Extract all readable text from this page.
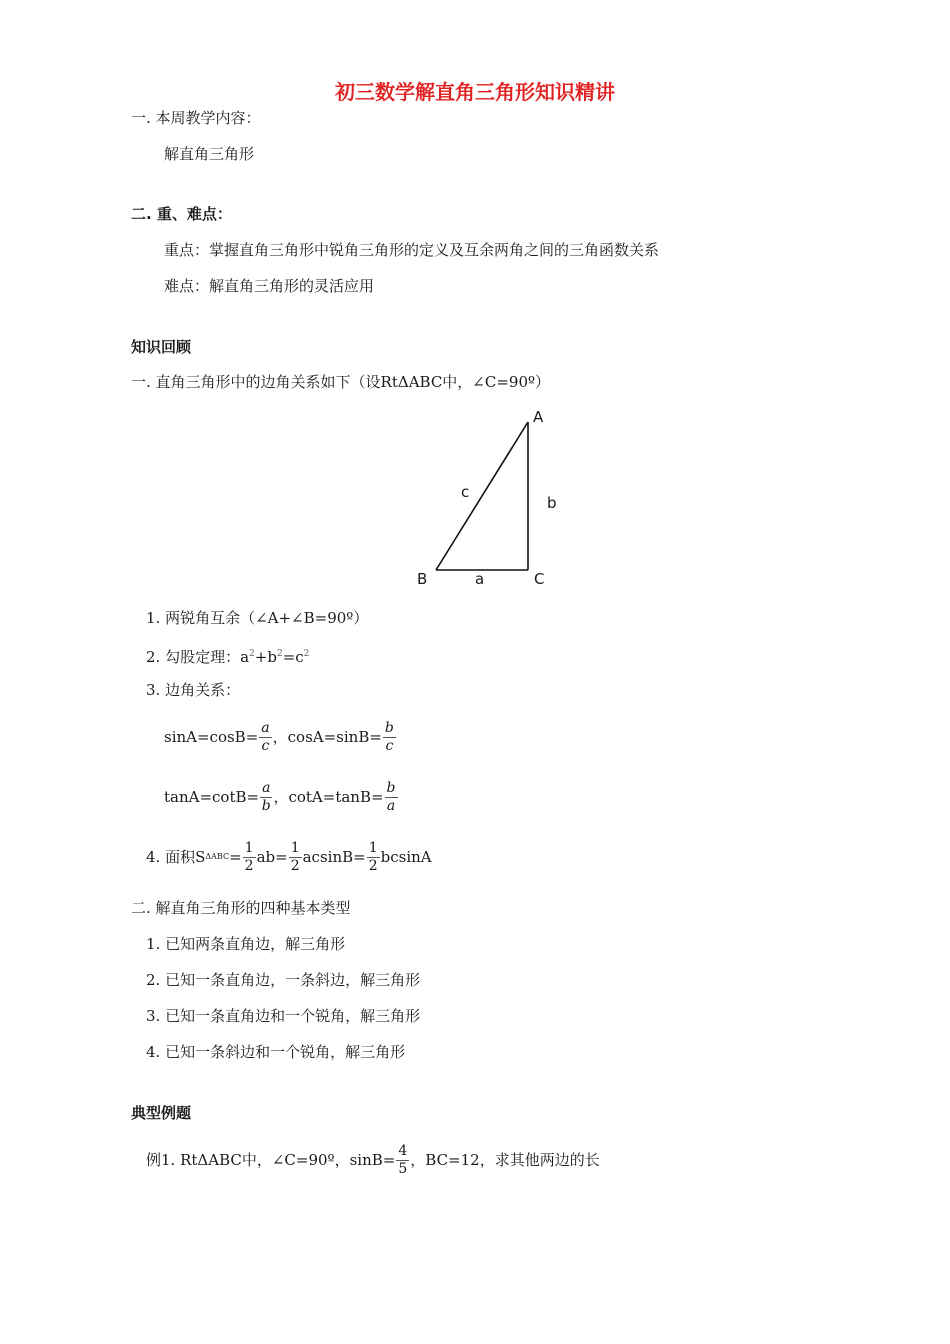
初三数学解直角三角形知识精讲
一. 本周教学内容：
解直角三角形
二. 重、难点：
重点：掌握直角三角形中锐角三角形的定义及互余两角之间的三角函数关系
难点：解直角三角形的灵活应用
知识回顾
一. 直角三角形中的边角关系如下（设RtΔABC中，∠C=90º）
A
B	C
a
b
c
1. 两锐角互余（∠A+∠B=90º）
2. 勾股定理：$a^2+b^2=c^2$
3. 边角关系：
$\sin A=\cos B= \frac{a}{c}$ ，$\cos A=\sin B= \frac{b}{c}$
$\tan A=\cot B= \frac{a}{b}$ ，$\cot A=\tan B= \frac{b}{a}$
4. 面积S $\Delta ABC = \frac{1}{2} ab= \frac{1}{2} acsinB= \frac{1}{2}$ bcsinA
二. 解直角三角形的四种基本类型
1. 已知两条直角边，解三角形
2. 已知一条直角边，一条斜边，解三角形
3. 已知一条直角边和一个锐角，解三角形
4. 已知一条斜边和一个锐角，解三角形
典型例题
例1. RtΔABC中，∠C=90º，$\sin B= \frac{4}{5}$ ，BC=12，求其他两边的长
